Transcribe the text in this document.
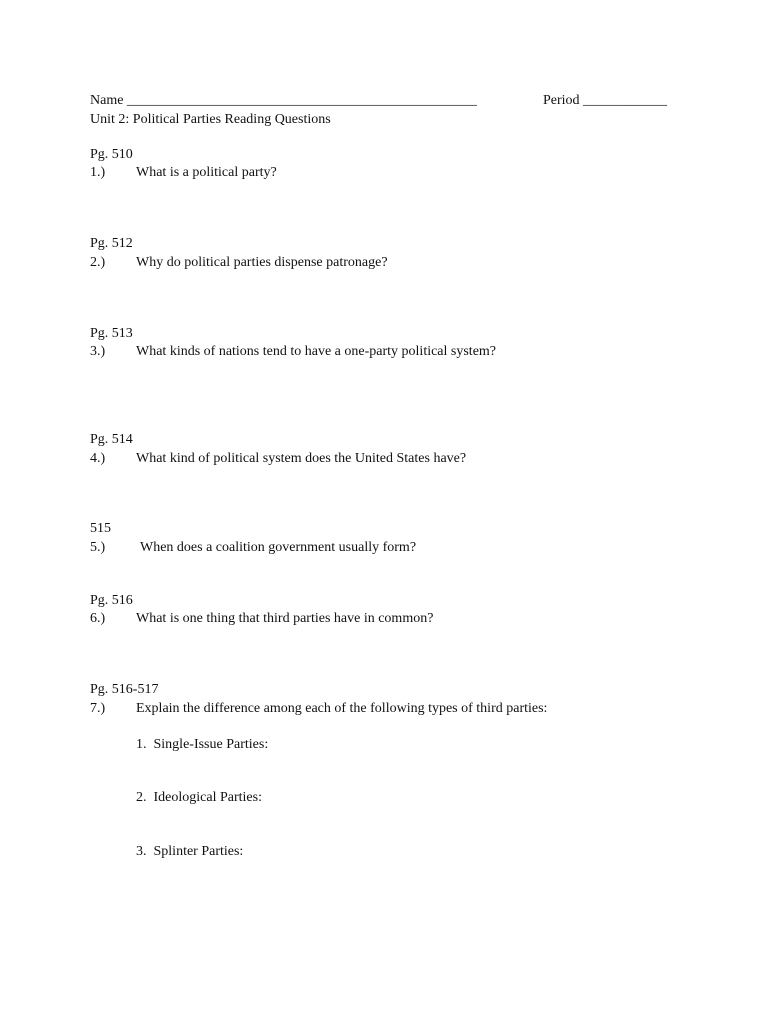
Name __________________________________________________	Period ____________
Unit 2: Political Parties Reading Questions
Pg. 510
1.) What is a political party?
Pg. 512
2.) Why do political parties dispense patronage?
Pg. 513
3.) What kinds of nations tend to have a one-party political system?
Pg. 514
4.) What kind of political system does the United States have?
515
5.) When does a coalition government usually form?
Pg. 516
6.) What is one thing that third parties have in common?
Pg. 516-517
7.) Explain the difference among each of the following types of third parties:
1.  Single-Issue Parties:
2.  Ideological Parties:
3.  Splinter Parties:
